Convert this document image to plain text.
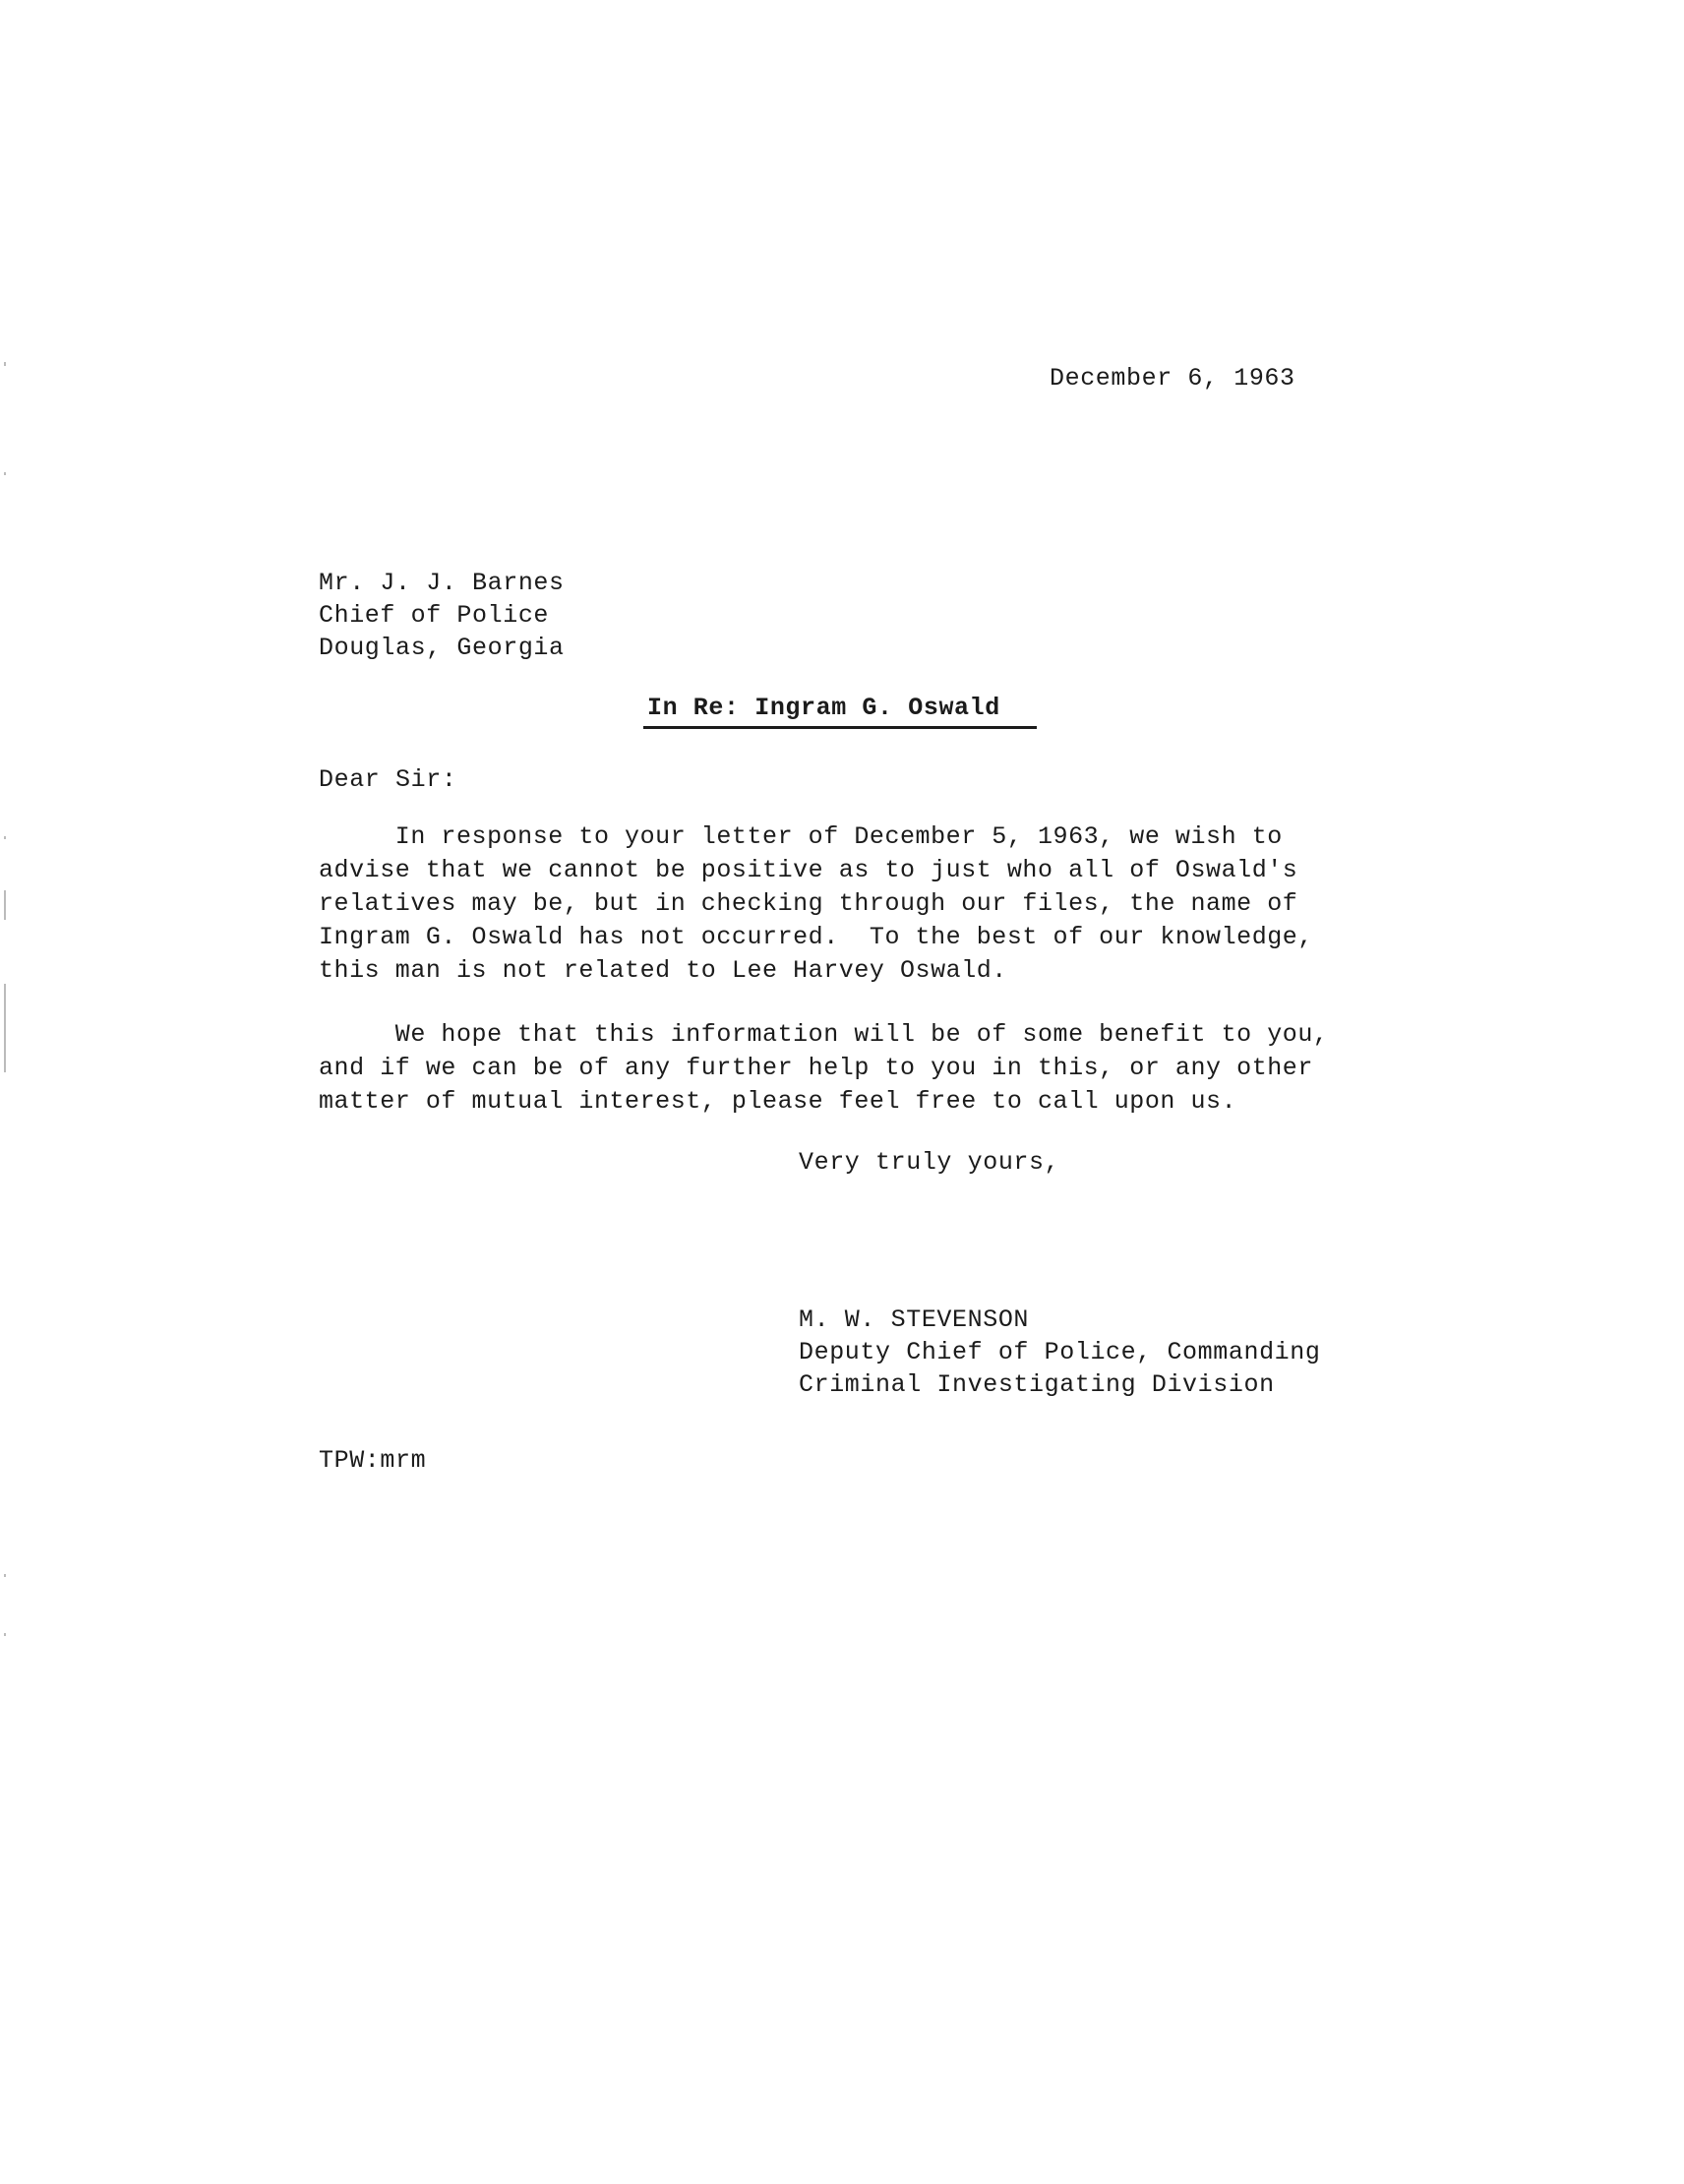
December 6, 1963
Mr. J. J. Barnes
Chief of Police
Douglas, Georgia
In Re: Ingram G. Oswald
Dear Sir:
In response to your letter of December 5, 1963, we wish to
advise that we cannot be positive as to just who all of Oswald's
relatives may be, but in checking through our files, the name of
Ingram G. Oswald has not occurred.  To the best of our knowledge,
this man is not related to Lee Harvey Oswald.
We hope that this information will be of some benefit to you,
and if we can be of any further help to you in this, or any other
matter of mutual interest, please feel free to call upon us.
Very truly yours,
M. W. STEVENSON
Deputy Chief of Police, Commanding
Criminal Investigating Division
TPW:mrm
